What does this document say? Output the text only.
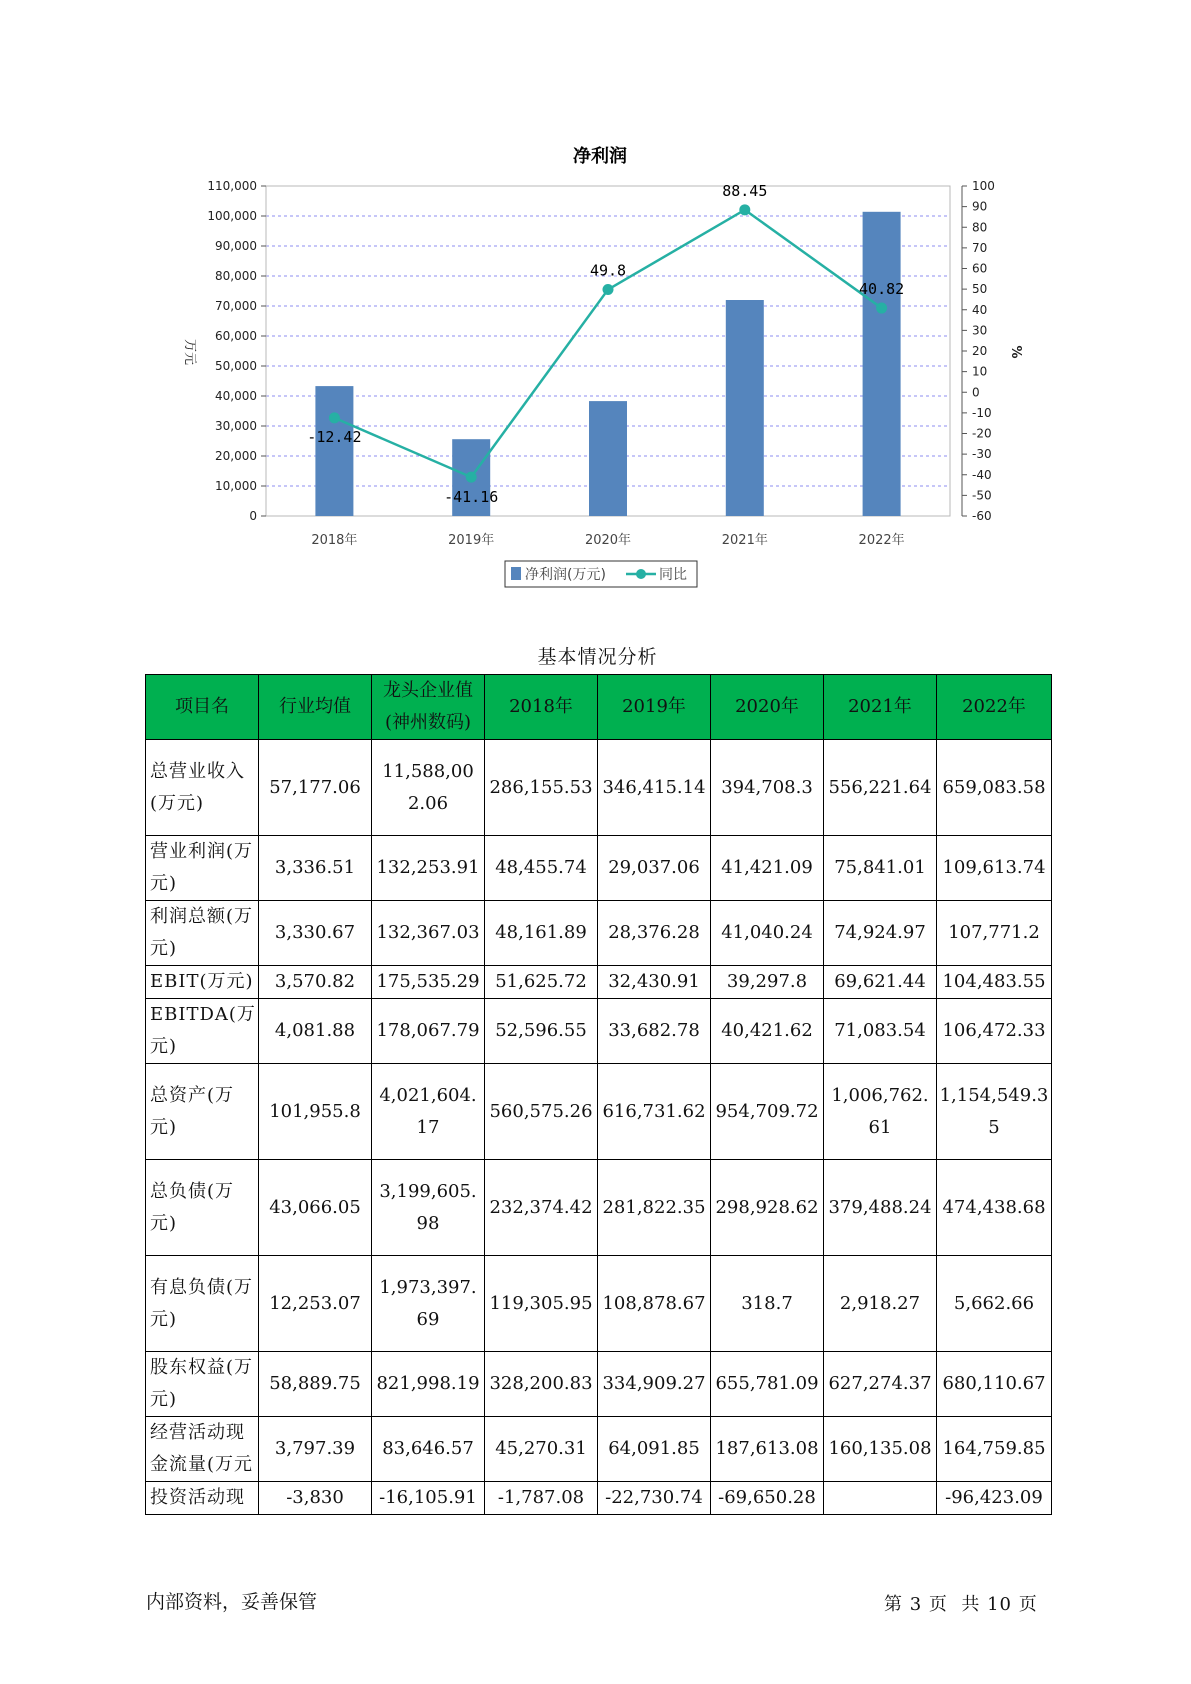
净利润
0
10,000
20,000
30,000
40,000
50,000
60,000
70,000
80,000
90,000
100,000
110,000
-60
-50
-40
-30
-20
-10
0
10
20
30
40
50
60
70
80
90
100
万元	%
2018年	2019年	2020年	2021年	2022年
-12.42
-41.16
49.8
88.45
40.82
净利润(万元)	同比
基本情况分析
项目名	行业均值	龙头企业值(神州数码)	2018年	2019年	2020年	2021年	2022年
总营业收入(万元)	57,177.06	11,588,002.06	286,155.53	346,415.14	394,708.3	556,221.64	659,083.58
营业利润(万元)	3,336.51	132,253.91	48,455.74	29,037.06	41,421.09	75,841.01	109,613.74
利润总额(万元)	3,330.67	132,367.03	48,161.89	28,376.28	41,040.24	74,924.97	107,771.2
EBIT(万元)	3,570.82	175,535.29	51,625.72	32,430.91	39,297.8	69,621.44	104,483.55
EBITDA(万元)	4,081.88	178,067.79	52,596.55	33,682.78	40,421.62	71,083.54	106,472.33
总资产(万元)	101,955.8	4,021,604.17	560,575.26	616,731.62	954,709.72	1,006,762.61	1,154,549.35
总负债(万元)	43,066.05	3,199,605.98	232,374.42	281,822.35	298,928.62	379,488.24	474,438.68
有息负债(万元)	12,253.07	1,973,397.69	119,305.95	108,878.67	318.7	2,918.27	5,662.66
股东权益(万元)	58,889.75	821,998.19	328,200.83	334,909.27	655,781.09	627,274.37	680,110.67
经营活动现金流量(万元	3,797.39	83,646.57	45,270.31	64,091.85	187,613.08	160,135.08	164,759.85
投资活动现	-3,830	-16,105.91	-1,787.08	-22,730.74	-69,650.28		-96,423.09
内部资料，妥善保管	第 3 页  共 10 页
